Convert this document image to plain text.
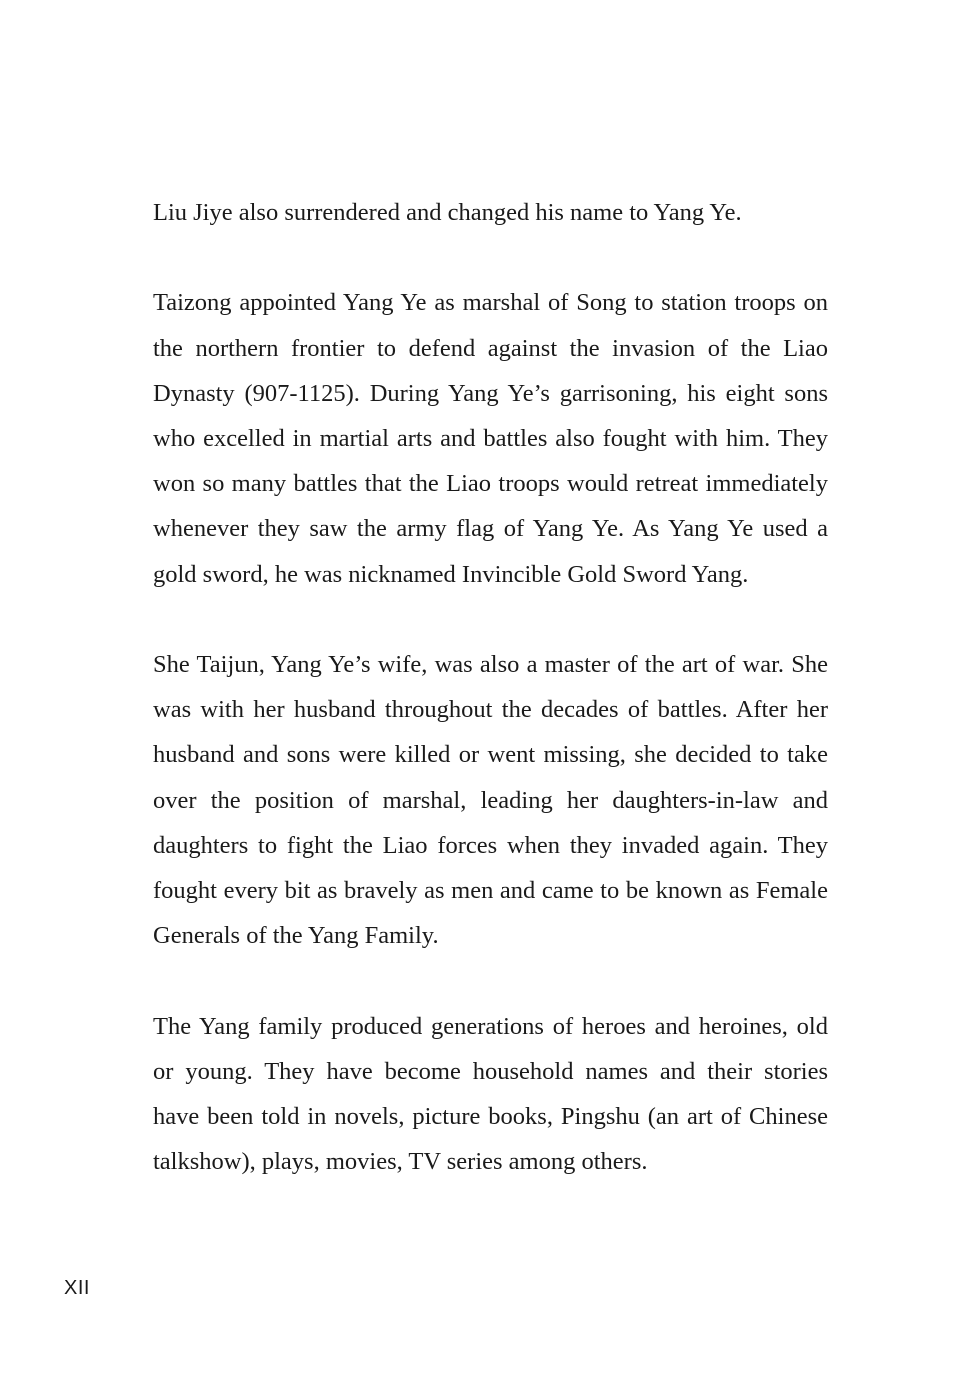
Liu Jiye also surrendered and changed his name to Yang Ye.

Taizong appointed Yang Ye as marshal of Song to station troops on the northern frontier to defend against the invasion of the Liao Dynasty (907-1125). During Yang Ye’s garrisoning, his eight sons who excelled in martial arts and battles also fought with him. They won so many battles that the Liao troops would retreat immediately whenever they saw the army flag of Yang Ye. As Yang Ye used a gold sword, he was nicknamed Invincible Gold Sword Yang.

She Taijun, Yang Ye’s wife, was also a master of the art of war. She was with her husband throughout the decades of battles. After her husband and sons were killed or went missing, she decided to take over the position of marshal, leading her daughters-in-law and daughters to fight the Liao forces when they invaded again. They fought every bit as bravely as men and came to be known as Female Generals of the Yang Family.

The Yang family produced generations of heroes and heroines, old or young. They have become household names and their stories have been told in novels, picture books, Pingshu (an art of Chinese talkshow), plays, movies, TV series among others.

XII
